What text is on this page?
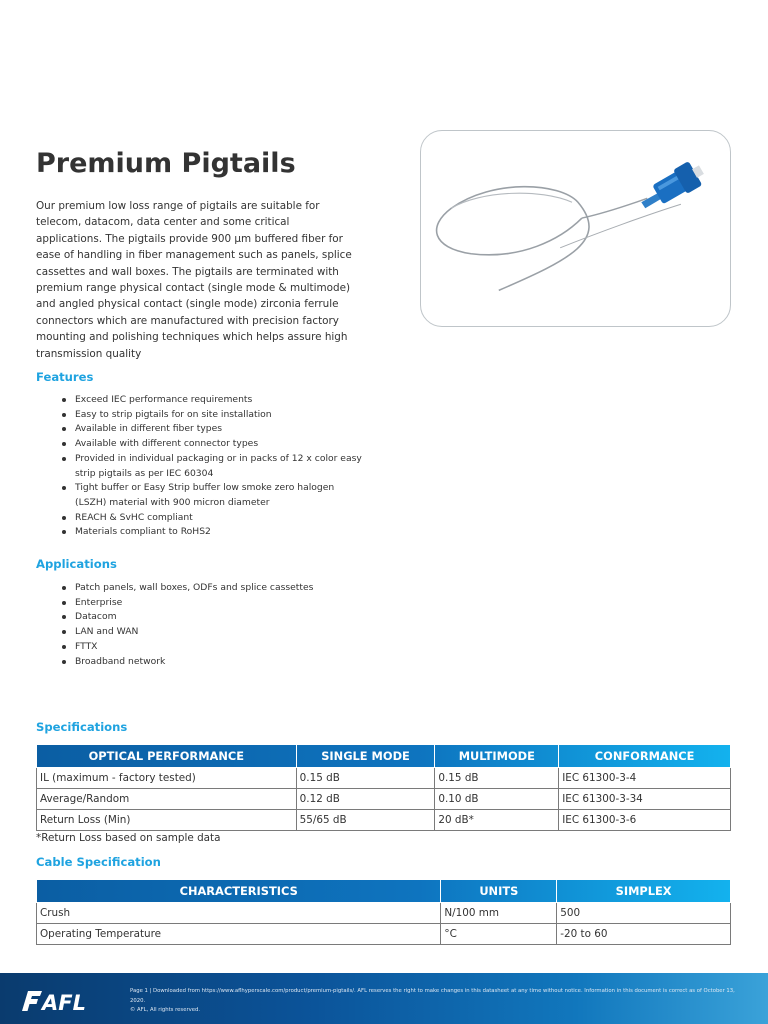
Premium Pigtails

Our premium low loss range of pigtails are suitable for telecom, datacom, data center and some critical applications. The pigtails provide 900 μm buffered fiber for ease of handling in fiber management such as panels, splice cassettes and wall boxes. The pigtails are terminated with premium range physical contact (single mode & multimode) and angled physical contact (single mode) zirconia ferrule connectors which are manufactured with precision factory mounting and polishing techniques which helps assure high transmission quality

Features
Exceed IEC performance requirements
Easy to strip pigtails for on site installation
Available in different fiber types
Available with different connector types
Provided in individual packaging or in packs of 12 x color easy strip pigtails as per IEC 60304
Tight buffer or Easy Strip buffer low smoke zero halogen (LSZH) material with 900 micron diameter
REACH & SvHC compliant
Materials compliant to RoHS2
Applications
Patch panels, wall boxes, ODFs and splice cassettes
Enterprise
Datacom
LAN and WAN
FTTX
Broadband network
Specifications
OPTICAL PERFORMANCE	SINGLE MODE	MULTIMODE	CONFORMANCE
IL (maximum - factory tested)	0.15 dB	0.15 dB	IEC 61300-3-4
Average/Random	0.12 dB	0.10 dB	IEC 61300-3-34
Return Loss (Min)	55/65 dB	20 dB*	IEC 61300-3-6

*Return Loss based on sample data

Cable Specification
CHARACTERISTICS	UNITS	SIMPLEX
Crush	N/100 mm	500
Operating Temperature	°C	-20 to 60
AFL	Page 1 | Downloaded from https://www.aflhyperscale.com/product/premium-pigtails/. AFL reserves the right to make changes in this datasheet at any time without notice. Information in this document is correct as of October 13, 2020.
© AFL, All rights reserved.
